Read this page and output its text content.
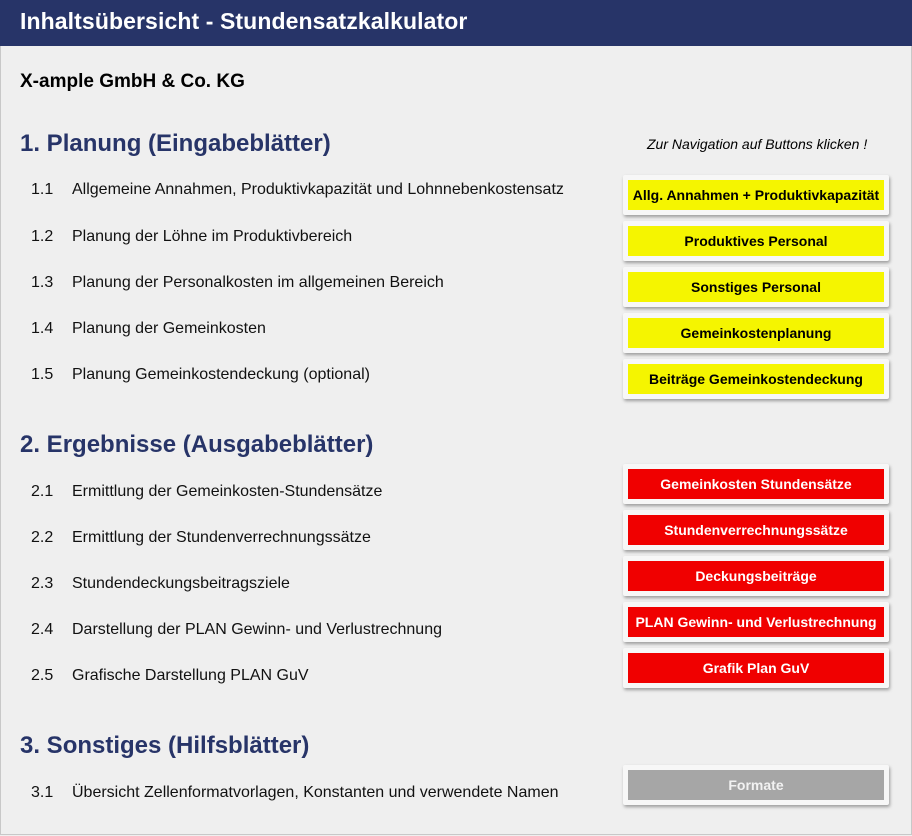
Inhaltsübersicht - Stundensatzkalkulator
X-ample GmbH & Co. KG
Zur Navigation auf Buttons klicken !
1. Planung (Eingabeblätter)
1.1 Allgemeine Annahmen, Produktivkapazität und Lohnnebenkostensatz	Allg. Annahmen + Produktivkapazität
1.2 Planung der Löhne im Produktivbereich	Produktives Personal
1.3 Planung der Personalkosten im allgemeinen Bereich	Sonstiges Personal
1.4 Planung der Gemeinkosten	Gemeinkostenplanung
1.5 Planung Gemeinkostendeckung (optional)	Beiträge Gemeinkostendeckung
2. Ergebnisse (Ausgabeblätter)
2.1 Ermittlung der Gemeinkosten-Stundensätze	Gemeinkosten Stundensätze
2.2 Ermittlung der Stundenverrechnungssätze	Stundenverrechnungssätze
2.3 Stundendeckungsbeitragsziele	Deckungsbeiträge
2.4 Darstellung der PLAN Gewinn- und Verlustrechnung	PLAN Gewinn- und Verlustrechnung
2.5 Grafische Darstellung PLAN GuV	Grafik Plan GuV
3. Sonstiges (Hilfsblätter)
3.1 Übersicht Zellenformatvorlagen, Konstanten und verwendete Namen	Formate
